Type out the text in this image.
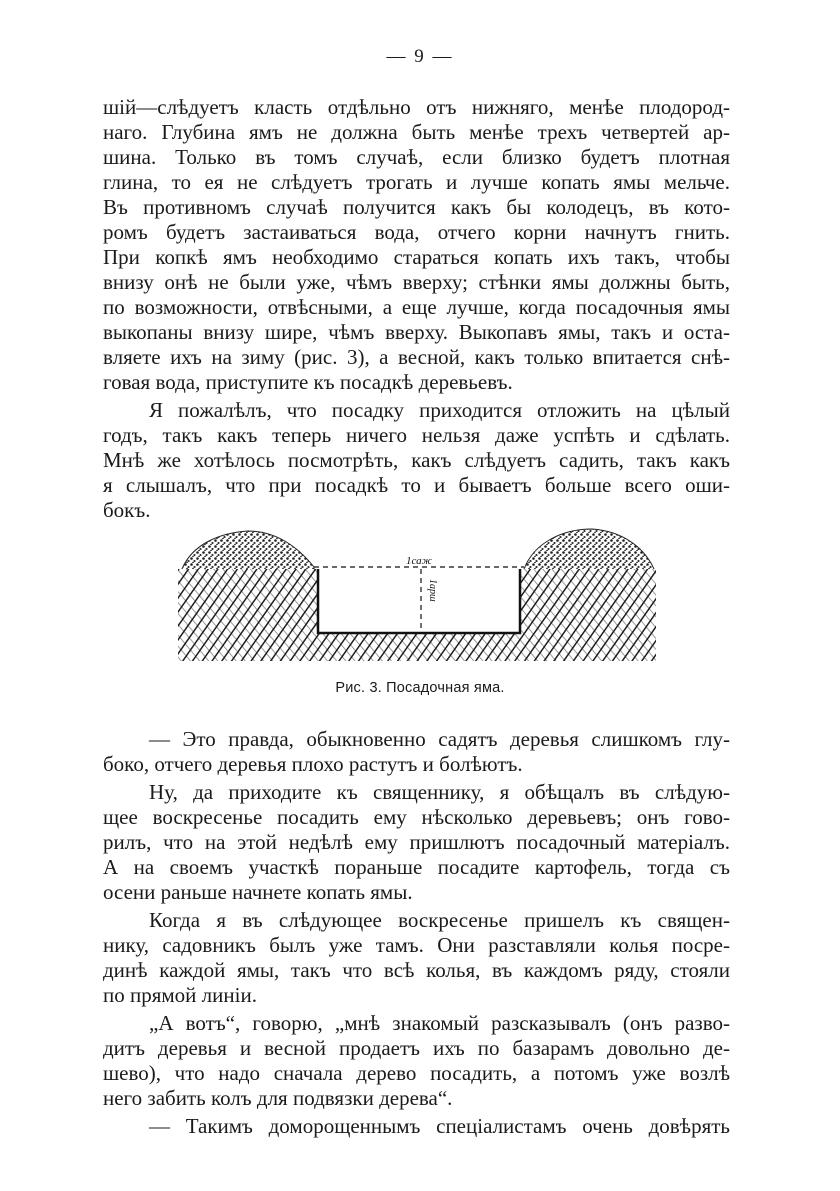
— 9 —
шій—слѣдуетъ класть отдѣльно отъ нижняго, менѣе плодород-
наго. Глубина ямъ не должна быть менѣе трехъ четвертей ар-
шина. Только въ томъ случаѣ, если близко будетъ плотная
глина, то ея не слѣдуетъ трогать и лучше копать ямы мельче.
Въ противномъ случаѣ получится какъ бы колодецъ, въ кото-
ромъ будетъ застаиваться вода, отчего корни начнутъ гнить.
При копкѣ ямъ необходимо стараться копать ихъ такъ, чтобы
внизу онѣ не были уже, чѣмъ вверху; стѣнки ямы должны быть,
по возможности, отвѣсными, а еще лучше, когда посадочныя ямы
выкопаны внизу шире, чѣмъ вверху. Выкопавъ ямы, такъ и оста-
вляете ихъ на зиму (рис. 3), а весной, какъ только впитается снѣ-
говая вода, приступите къ посадкѣ деревьевъ.
Я пожалѣлъ, что посадку приходится отложить на цѣлый
годъ, такъ какъ теперь ничего нельзя даже успѣть и сдѣлать.
Мнѣ же хотѣлось посмотрѣть, какъ слѣдуетъ садить, такъ какъ
я слышалъ, что при посадкѣ то и бываетъ больше всего оши-
бокъ.
1саж
1арш
Рис. 3. Посадочная яма.
— Это правда, обыкновенно садятъ деревья слишкомъ глу-
боко, отчего деревья плохо растутъ и болѣютъ.
Ну, да приходите къ священнику, я обѣщалъ въ слѣдую-
щее воскресенье посадить ему нѣсколько деревьевъ; онъ гово-
рилъ, что на этой недѣлѣ ему пришлютъ посадочный матеріалъ.
А на своемъ участкѣ пораньше посадите картофель, тогда съ
осени раньше начнете копать ямы.
Когда я въ слѣдующее воскресенье пришелъ къ священ-
нику, садовникъ былъ уже тамъ. Они разставляли колья посре-
динѣ каждой ямы, такъ что всѣ колья, въ каждомъ ряду, стояли
по прямой линіи.
„А вотъ“, говорю, „мнѣ знакомый разсказывалъ (онъ разво-
дитъ деревья и весной продаетъ ихъ по базарамъ довольно де-
шево), что надо сначала дерево посадить, а потомъ уже возлѣ
него забить колъ для подвязки дерева“.
— Такимъ доморощеннымъ спеціалистамъ очень довѣрять
